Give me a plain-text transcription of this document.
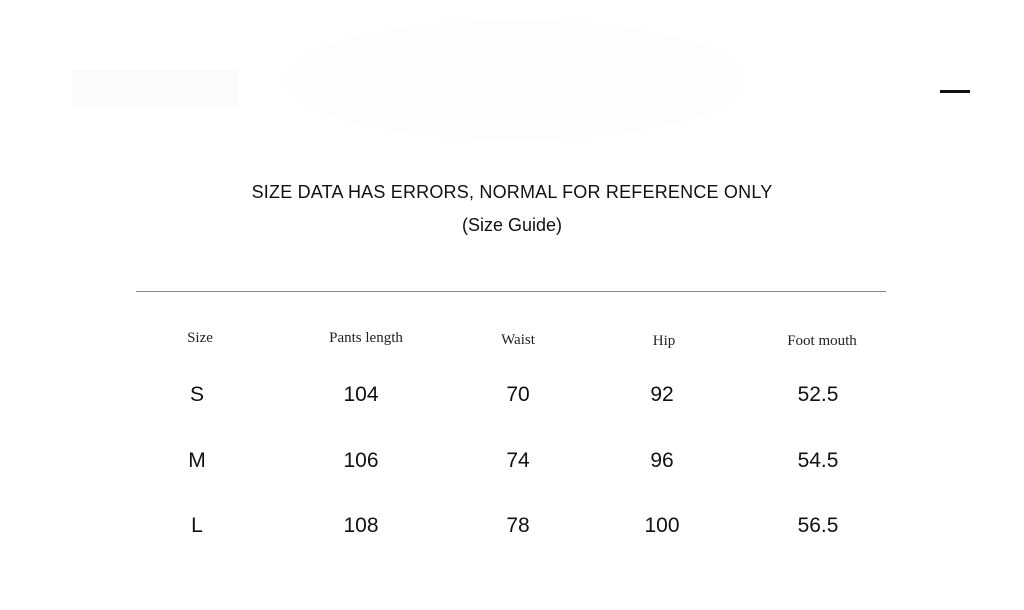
SIZE DATA HAS ERRORS, NORMAL FOR REFERENCE ONLY
(Size Guide)
Size	Pants length	Waist	Hip	Foot mouth
S	104	70	92	52.5
M	106	74	96	54.5
L	108	78	100	56.5
